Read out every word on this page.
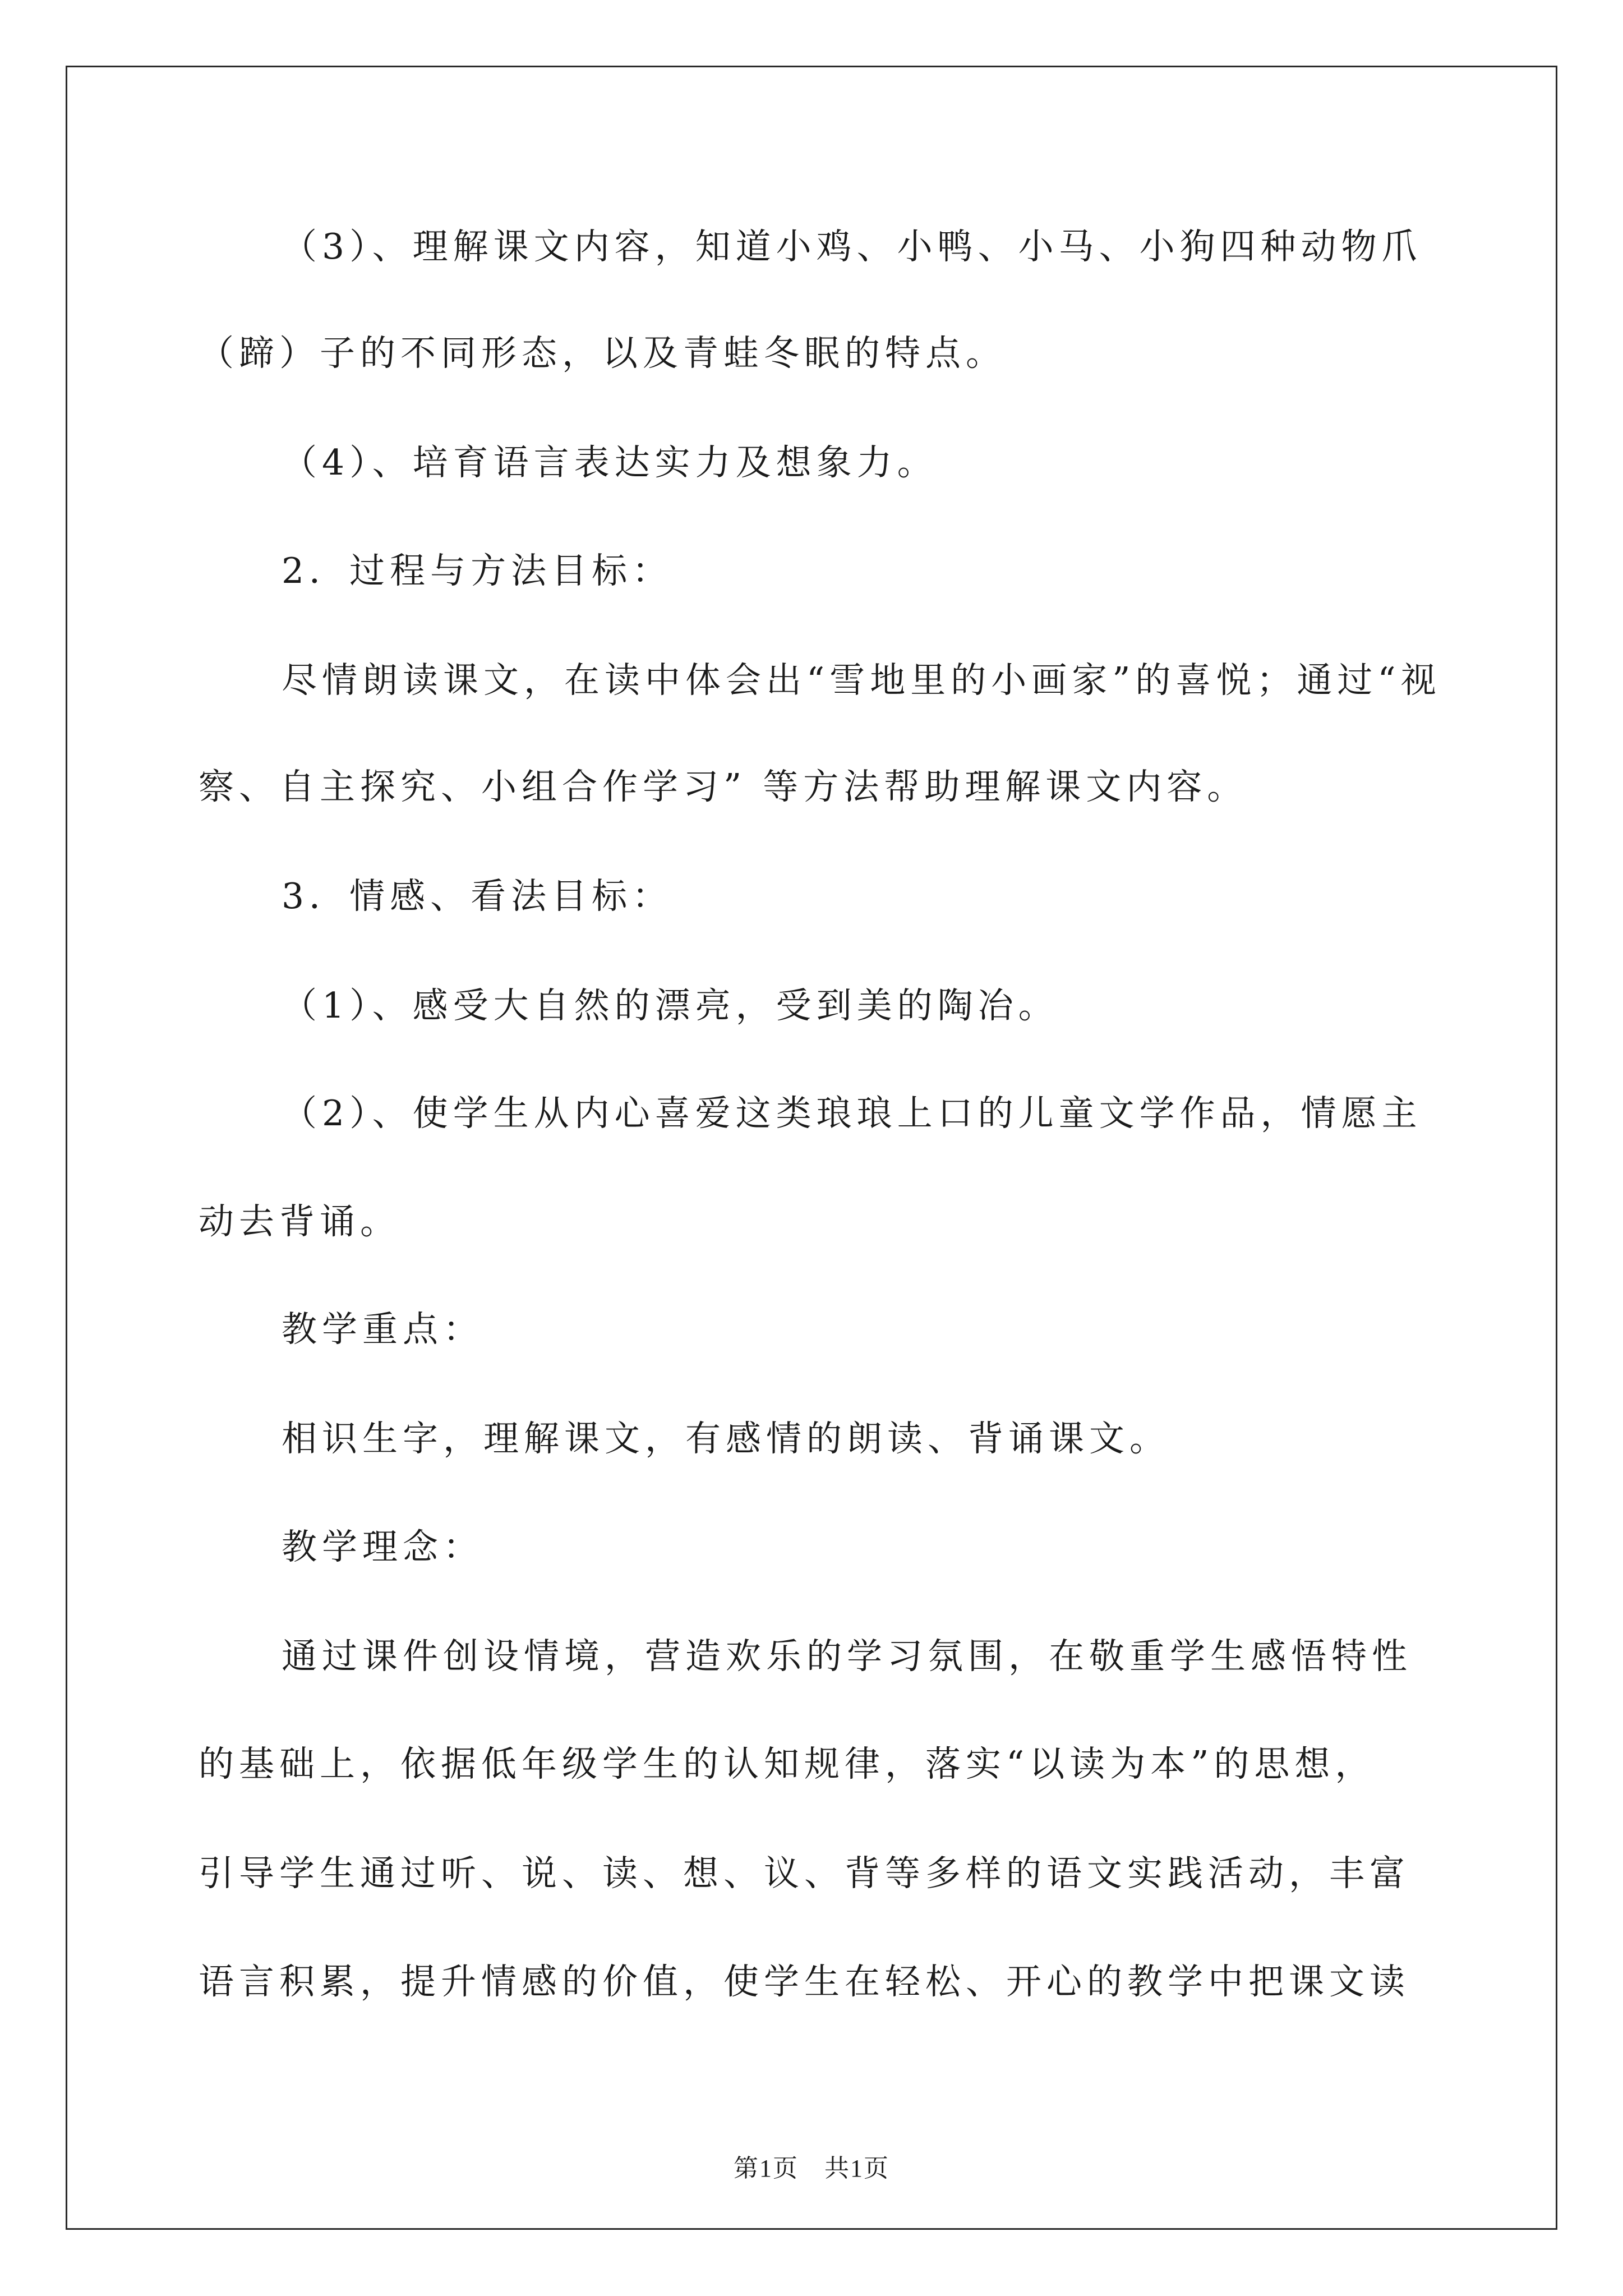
（3）、理解课文内容，知道小鸡、小鸭、小马、小狗四种动物爪
（蹄）子的不同形态，以及青蛙冬眠的特点。
（4）、培育语言表达实力及想象力。
2．过程与方法目标：
尽情朗读课文，在读中体会出“雪地里的小画家”的喜悦；通过“视
察、自主探究、小组合作学习” 等方法帮助理解课文内容。
3．情感、看法目标：
（1）、感受大自然的漂亮，受到美的陶冶。
（2）、使学生从内心喜爱这类琅琅上口的儿童文学作品，情愿主
动去背诵。
教学重点：
相识生字，理解课文，有感情的朗读、背诵课文。
教学理念：
通过课件创设情境，营造欢乐的学习氛围，在敬重学生感悟特性
的基础上，依据低年级学生的认知规律，落实“以读为本”的思想，
引导学生通过听、说、读、想、议、背等多样的语文实践活动，丰富
语言积累，提升情感的价值，使学生在轻松、开心的教学中把课文读
第1页　共1页
